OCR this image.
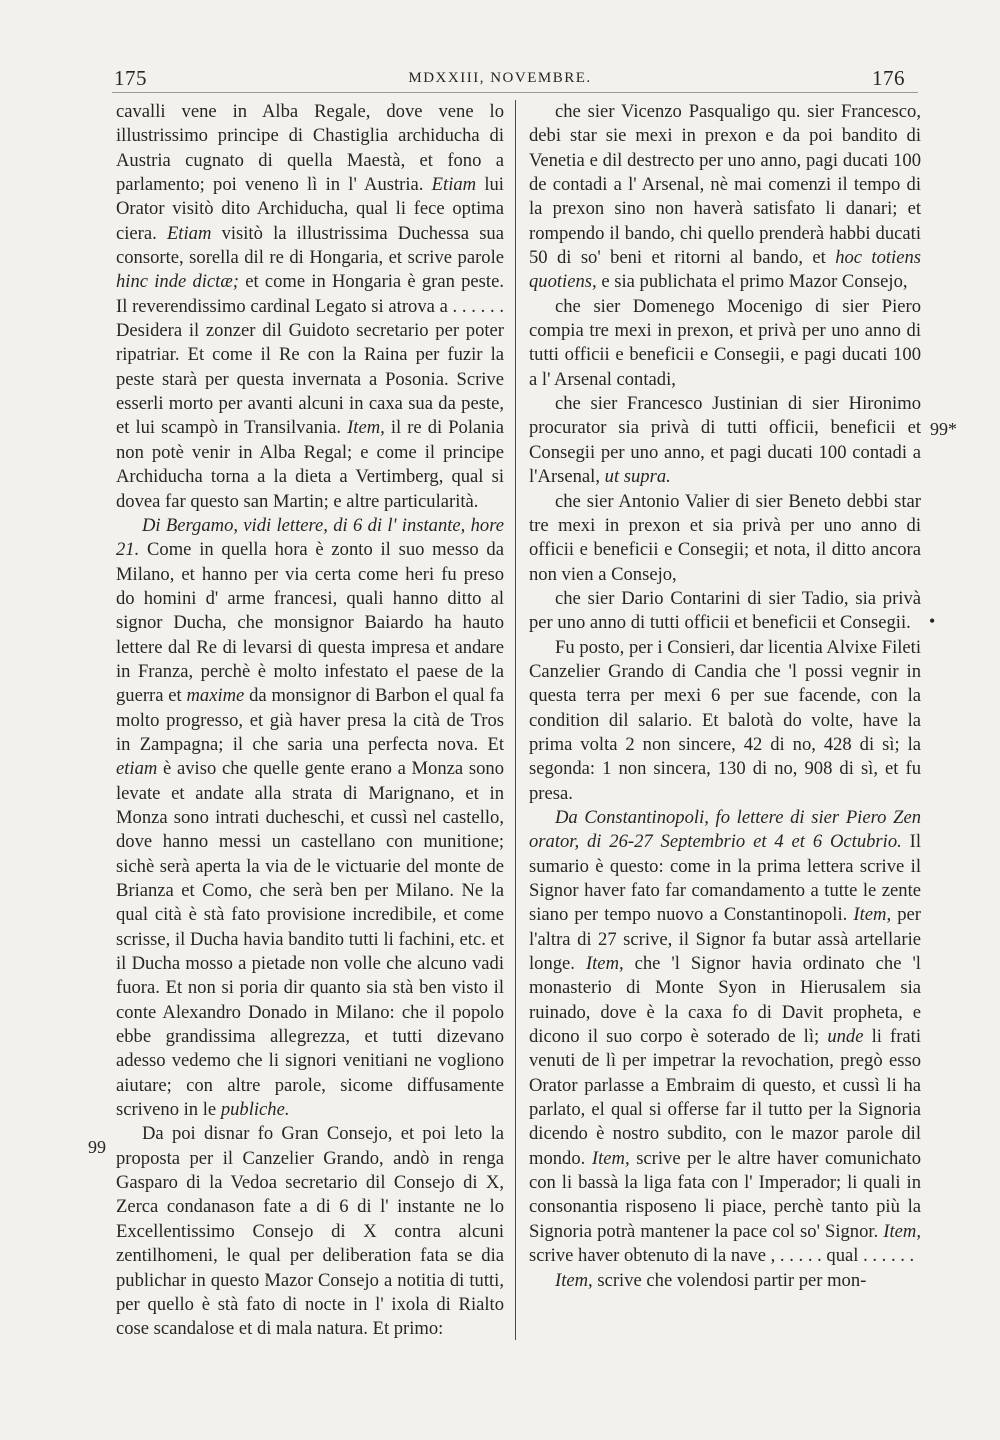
175	MDXXIII, NOVEMBRE.	176
99
99*
•

cavalli vene in Alba Regale, dove vene lo illustrissimo principe di Chastiglia archiducha di Austria cugnato di quella Maestà, et fono a parlamento; poi veneno lì in l' Austria. Etiam lui Orator visitò dito Archiducha, qual li fece optima ciera. Etiam visitò la illustrissima Duchessa sua consorte, sorella dil re di Hongaria, et scrive parole hinc inde dictæ; et come in Hongaria è gran peste. Il reverendissimo cardinal Legato si atrova a . . . . . . Desidera il zonzer dil Guidoto secretario per poter ripatriar. Et come il Re con la Raina per fuzir la peste starà per questa invernata a Posonia. Scrive esserli morto per avanti alcuni in caxa sua da peste, et lui scampò in Transilvania. Item, il re di Polania non potè venir in Alba Regal; e come il principe Archiducha torna a la dieta a Vertimberg, qual si dovea far questo san Martin; e altre particularità.

Di Bergamo, vidi lettere, di 6 di l' instante, hore 21. Come in quella hora è zonto il suo messo da Milano, et hanno per via certa come heri fu preso do homini d' arme francesi, quali hanno ditto al signor Ducha, che monsignor Baiardo ha hauto lettere dal Re di levarsi di questa impresa et andare in Franza, perchè è molto infestato el paese de la guerra et maxime da monsignor di Barbon el qual fa molto progresso, et già haver presa la cità de Tros in Zampagna; il che saria una perfecta nova. Et etiam è aviso che quelle gente erano a Monza sono levate et andate alla strata di Marignano, et in Monza sono intrati ducheschi, et cussì nel castello, dove hanno messi un castellano con munitione; sichè serà aperta la via de le victuarie del monte de Brianza et Como, che serà ben per Milano. Ne la qual cità è stà fato provisione incredibile, et come scrisse, il Ducha havia bandito tutti li fachini, etc. et il Ducha mosso a pietade non volle che alcuno vadi fuora. Et non si poria dir quanto sia stà ben visto il conte Alexandro Donado in Milano: che il popolo ebbe grandissima allegrezza, et tutti dizevano adesso vedemo che li signori venitiani ne vogliono aiutare; con altre parole, sicome diffusamente scriveno in le publiche.

Da poi disnar fo Gran Consejo, et poi leto la proposta per il Canzelier Grando, andò in renga Gasparo di la Vedoa secretario dil Consejo di X, Zerca condanason fate a di 6 di l' instante ne lo Excellentissimo Consejo di X contra alcuni zentilhomeni, le qual per deliberation fata se dia publichar in questo Mazor Consejo a notitia di tutti, per quello è stà fato di nocte in l' ixola di Rialto cose scandalose et di mala natura. Et primo:

che sier Vicenzo Pasqualigo qu. sier Francesco, debi star sie mexi in prexon e da poi bandito di Venetia e dil destrecto per uno anno, pagi ducati 100 de contadi a l' Arsenal, nè mai comenzi il tempo di la prexon sino non haverà satisfato li danari; et rompendo il bando, chi quello prenderà habbi ducati 50 di so' beni et ritorni al bando, et hoc totiens quotiens, e sia publichata el primo Mazor Consejo,

che sier Domenego Mocenigo di sier Piero compia tre mexi in prexon, et privà per uno anno di tutti officii e beneficii e Consegii, e pagi ducati 100 a l' Arsenal contadi,

che sier Francesco Justinian di sier Hironimo procurator sia privà di tutti officii, beneficii et Consegii per uno anno, et pagi ducati 100 contadi a l'Arsenal, ut supra.

che sier Antonio Valier di sier Beneto debbi star tre mexi in prexon et sia privà per uno anno di officii e beneficii e Consegii; et nota, il ditto ancora non vien a Consejo,

che sier Dario Contarini di sier Tadio, sia privà per uno anno di tutti officii et beneficii et Consegii.

Fu posto, per i Consieri, dar licentia Alvixe Fileti Canzelier Grando di Candia che 'l possi vegnir in questa terra per mexi 6 per sue facende, con la condition dil salario. Et balotà do volte, have la prima volta 2 non sincere, 42 di no, 428 di sì; la segonda: 1 non sincera, 130 di no, 908 di sì, et fu presa.

Da Constantinopoli, fo lettere di sier Piero Zen orator, di 26-27 Septembrio et 4 et 6 Octubrio. Il sumario è questo: come in la prima lettera scrive il Signor haver fato far comandamento a tutte le zente siano per tempo nuovo a Constantinopoli. Item, per l'altra di 27 scrive, il Signor fa butar assà artellarie longe. Item, che 'l Signor havia ordinato che 'l monasterio di Monte Syon in Hierusalem sia ruinado, dove è la caxa fo di Davit propheta, e dicono il suo corpo è soterado de lì; unde li frati venuti de lì per impetrar la revochation, pregò esso Orator parlasse a Embraim di questo, et cussì li ha parlato, el qual si offerse far il tutto per la Signoria dicendo è nostro subdito, con le mazor parole dil mondo. Item, scrive per le altre haver comunichato con li bassà la liga fata con l' Imperador; li quali in consonantia risposeno li piace, perchè tanto più la Signoria potrà mantener la pace col so' Signor. Item, scrive haver obtenuto di la nave , . . . . . qual . . . . . .

Item, scrive che volendosi partir per mon-
